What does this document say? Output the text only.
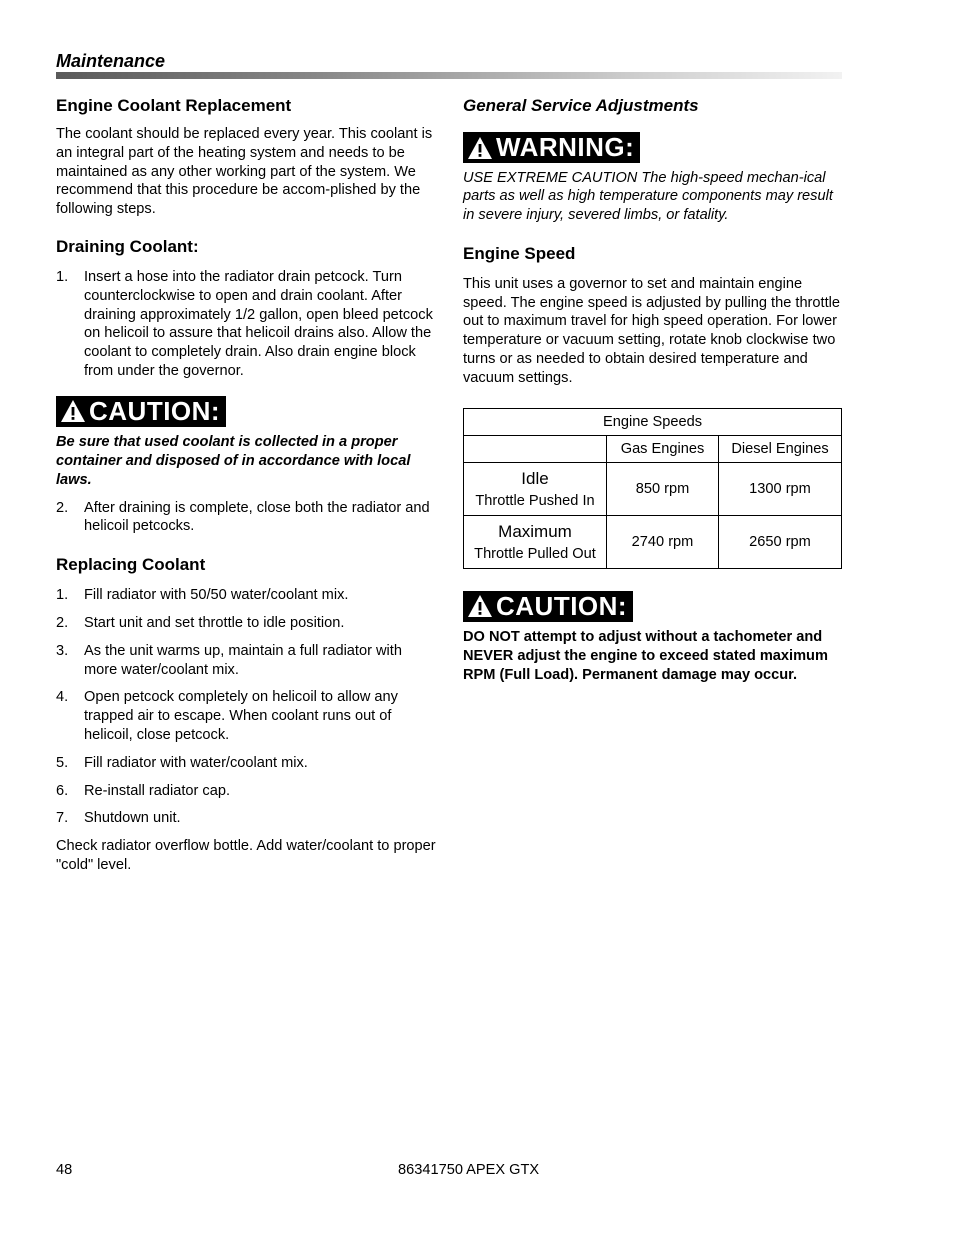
Maintenance
Engine Coolant Replacement

The coolant should be replaced every year. This coolant is an integral part of the heating system and needs to be maintained as any other working part of the system. We recommend that this procedure be accom-plished by the following steps.

Draining Coolant:
1.	Insert a hose into the radiator drain petcock. Turn counterclockwise to open and drain coolant. After draining approximately 1/2 gallon, open bleed petcock on helicoil to assure that helicoil drains also. Allow the coolant to completely drain. Also drain engine block from under the governor.
CAUTION:
Be sure that used coolant is collected in a proper container and disposed of in accordance with local laws.
2.	After draining is complete, close both the radiator and helicoil petcocks.
Replacing Coolant
1.	Fill radiator with 50/50 water/coolant mix.
2.	Start unit and set throttle to idle position.
3.	As the unit warms up, maintain a full radiator with more water/coolant mix.
4.	Open petcock completely on helicoil to allow any trapped air to escape. When coolant runs out of helicoil, close petcock.
5.	Fill radiator with water/coolant mix.
6.	Re-install radiator cap.
7.	Shutdown unit.

Check radiator overflow bottle. Add water/coolant to proper "cold" level.

General Service Adjustments
WARNING:
USE EXTREME CAUTION The high-speed mechan-ical parts as well as high temperature components may result in severe injury, severed limbs, or fatality.
Engine Speed

This unit uses a governor to set and maintain engine speed. The engine speed is adjusted by pulling the throttle out to maximum travel for high speed operation. For lower temperature or vacuum setting, rotate knob clockwise two turns or as needed to obtain desired temperature and vacuum settings.

Engine Speeds		
	Gas Engines	Diesel Engines

Idle
Throttle Pushed In	850 rpm	1300 rpm

Maximum
Throttle Pulled Out	2740 rpm	2650 rpm
CAUTION:
DO NOT attempt to adjust without a tachometer and NEVER adjust the engine to exceed stated maximum RPM (Full Load). Permanent damage may occur.
48	86341750 APEX GTX
